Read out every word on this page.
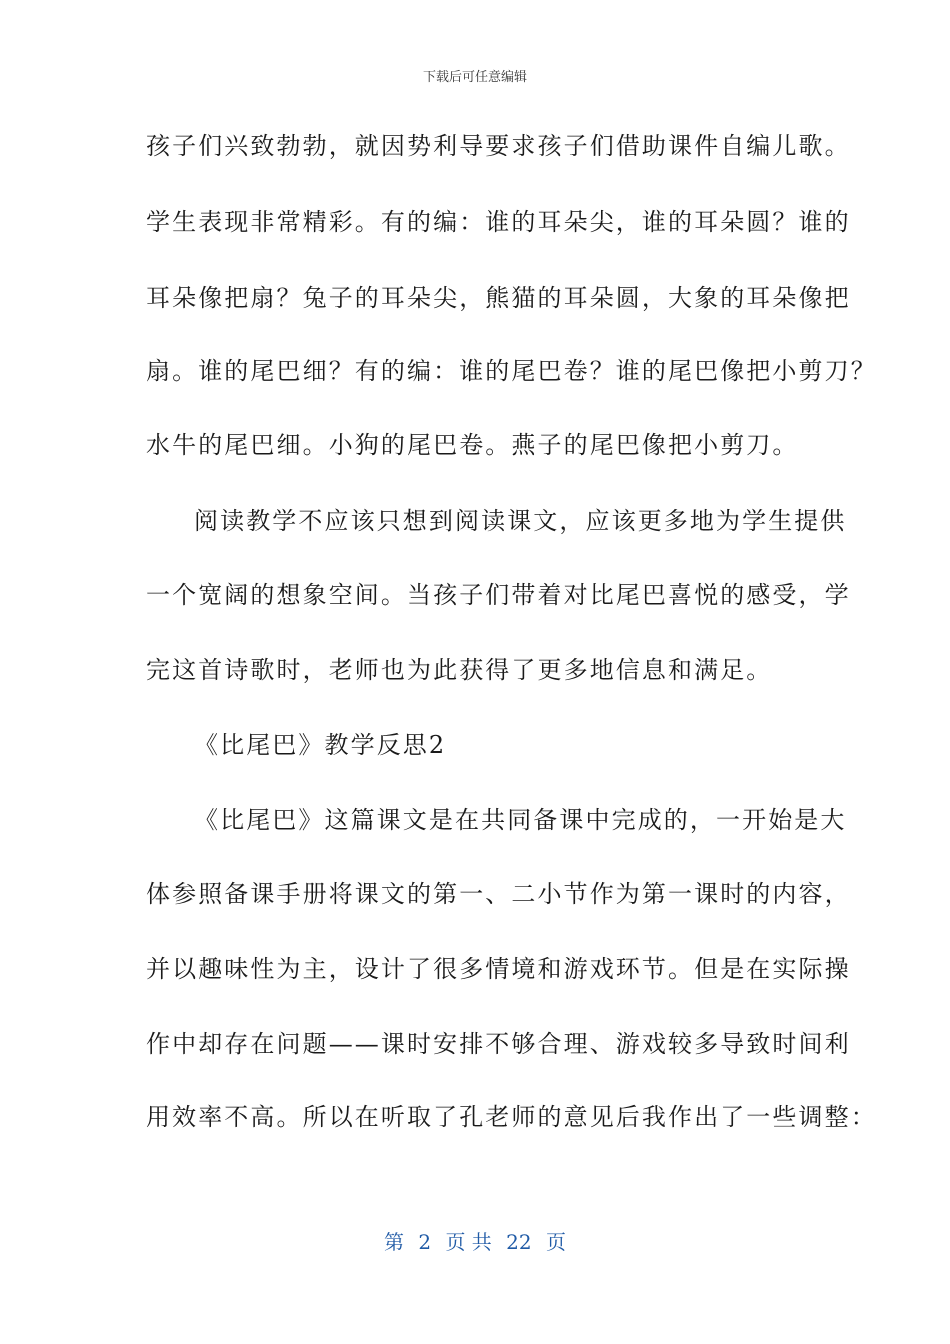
下载后可任意编辑
孩子们兴致勃勃，就因势利导要求孩子们借助课件自编儿歌。
学生表现非常精彩。有的编：谁的耳朵尖，谁的耳朵圆？谁的
耳朵像把扇？兔子的耳朵尖，熊猫的耳朵圆，大象的耳朵像把
扇。谁的尾巴细？有的编：谁的尾巴卷？谁的尾巴像把小剪刀？
水牛的尾巴细。小狗的尾巴卷。燕子的尾巴像把小剪刀。
阅读教学不应该只想到阅读课文，应该更多地为学生提供
一个宽阔的想象空间。当孩子们带着对比尾巴喜悦的感受，学
完这首诗歌时，老师也为此获得了更多地信息和满足。
《比尾巴》教学反思2
《比尾巴》这篇课文是在共同备课中完成的，一开始是大
体参照备课手册将课文的第一、二小节作为第一课时的内容，
并以趣味性为主，设计了很多情境和游戏环节。但是在实际操
作中却存在问题——课时安排不够合理、游戏较多导致时间利
用效率不高。所以在听取了孔老师的意见后我作出了一些调整：
第 2 页 共 22 页
